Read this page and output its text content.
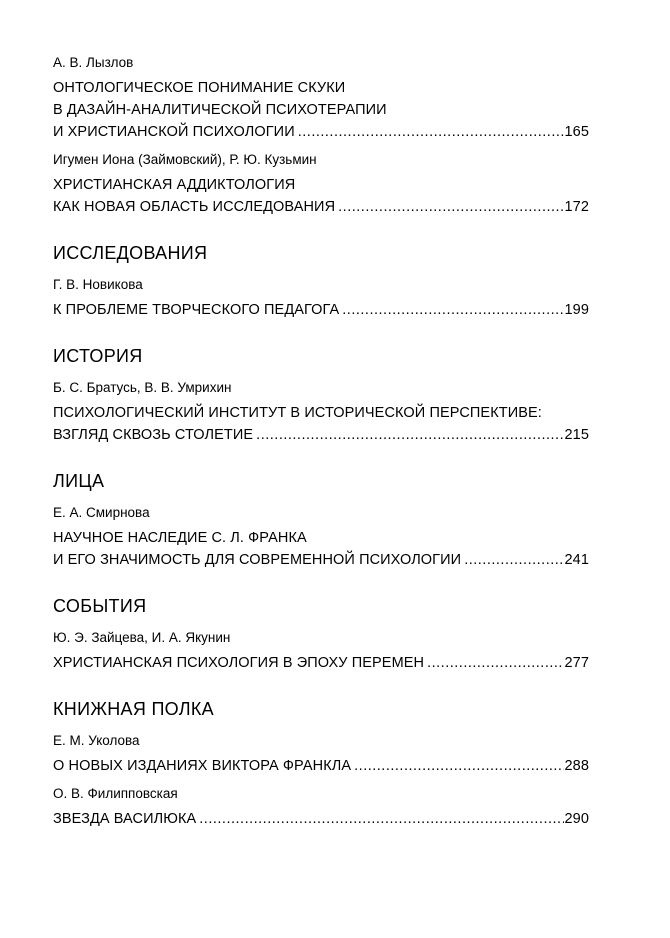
А. В. Лызлов
ОНТОЛОГИЧЕСКОЕ ПОНИМАНИЕ СКУКИ
В ДАЗАЙН-АНАЛИТИЧЕСКОЙ ПСИХОТЕРАПИИ
И ХРИСТИАНСКОЙ ПСИХОЛОГИИ .....	165
Игумен Иона (Займовский), Р. Ю. Кузьмин
ХРИСТИАНСКАЯ АДДИКТОЛОГИЯ
КАК НОВАЯ ОБЛАСТЬ ИССЛЕДОВАНИЯ .....	172
ИССЛЕДОВАНИЯ
Г. В. Новикова
К ПРОБЛЕМЕ ТВОРЧЕСКОГО ПЕДАГОГА .....	199
ИСТОРИЯ
Б. С. Братусь, В. В. Умрихин
ПСИХОЛОГИЧЕСКИЙ ИНСТИТУТ В ИСТОРИЧЕСКОЙ ПЕРСПЕКТИВЕ:
ВЗГЛЯД СКВОЗЬ СТОЛЕТИЕ .....	215
ЛИЦА
Е. А. Смирнова
НАУЧНОЕ НАСЛЕДИЕ С. Л. ФРАНКА
И ЕГО ЗНАЧИМОСТЬ ДЛЯ СОВРЕМЕННОЙ ПСИХОЛОГИИ .....	241
СОБЫТИЯ
Ю. Э. Зайцева, И. А. Якунин
ХРИСТИАНСКАЯ ПСИХОЛОГИЯ В ЭПОХУ ПЕРЕМЕН .....	277
КНИЖНАЯ ПОЛКА
Е. М. Уколова
О НОВЫХ ИЗДАНИЯХ ВИКТОРА ФРАНКЛА .....	288
О. В. Филипповская
ЗВЕЗДА ВАСИЛЮКА .....	290
